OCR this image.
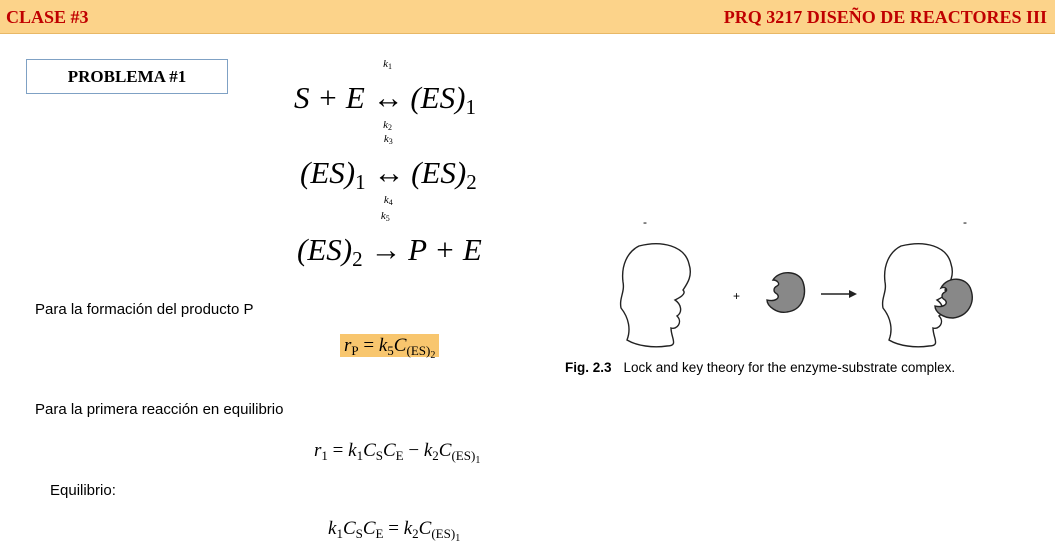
CLASE #3	PRQ 3217 DISEÑO DE REACTORES III
PROBLEMA #1
S + E
k1
↔
k2
$(ES)_1$
$(ES)_1$
k3
↔
k4
$(ES)_2$
$(ES)_2$
k5
→ P + E
Para la formación del producto P
$r_P = k_5C_{(ES)_2}$
Para la primera reacción en equilibrio
$r_1 = k_1C_SC_E - k_2C_{(ES)_1}$
Equilibrio:
$k_1C_SC_E = k_2C_{(ES)_1}$
-	-
+
Fig. 2.3 Lock and key theory for the enzyme-substrate complex.
